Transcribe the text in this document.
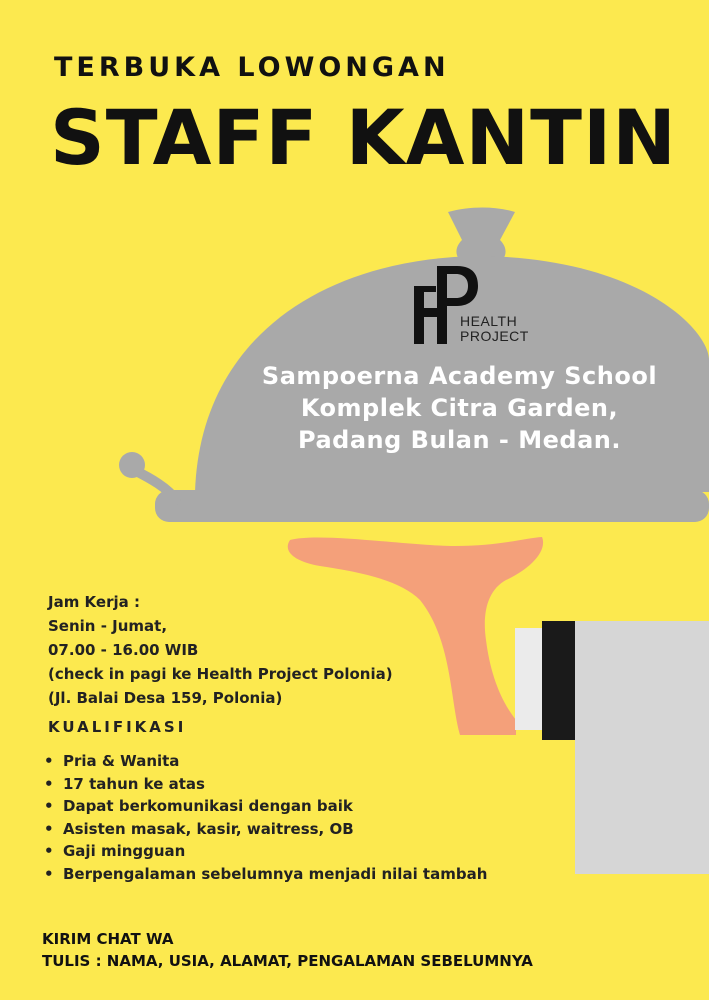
TERBUKA LOWONGAN
STAFF KANTIN
HEALTH
PROJECT
Sampoerna Academy School
Komplek Citra Garden,
Padang Bulan - Medan.
Jam Kerja :
Senin - Jumat,
07.00 - 16.00 WIB
(check in pagi ke Health Project Polonia)
(Jl. Balai Desa 159, Polonia)
KUALIFIKASI
• Pria & Wanita
• 17 tahun ke atas
• Dapat berkomunikasi dengan baik
• Asisten masak, kasir, waitress, OB
• Gaji mingguan
• Berpengalaman sebelumnya menjadi nilai tambah
KIRIM CHAT WA
TULIS : NAMA, USIA, ALAMAT, PENGALAMAN SEBELUMNYA
